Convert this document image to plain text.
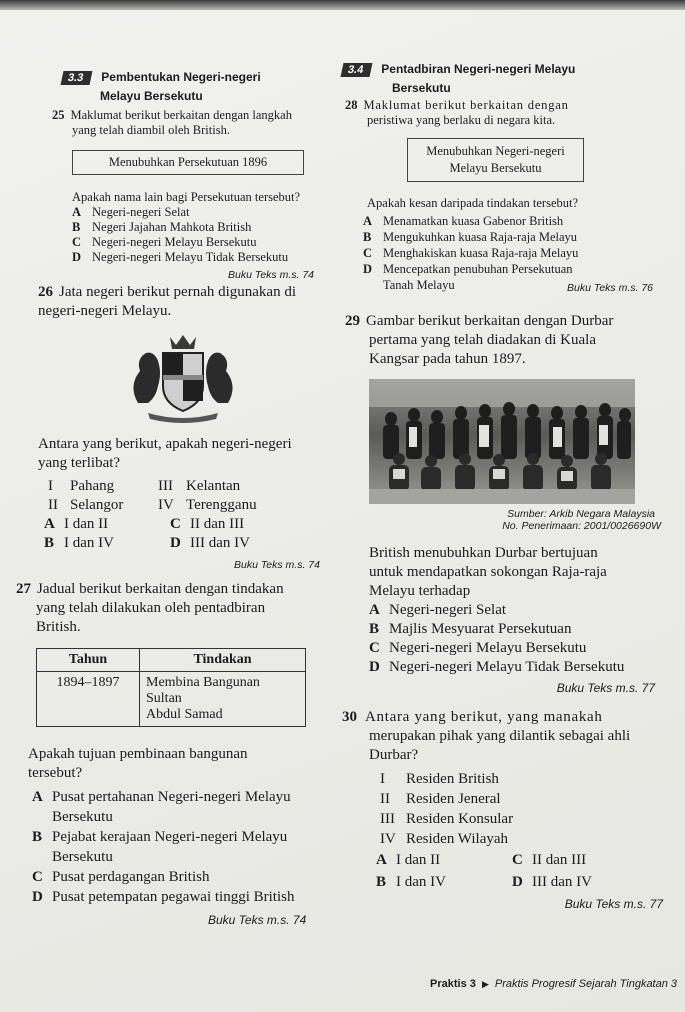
3.3 Pembentukan Negeri-negeri
Melayu Bersekutu
3.4 Pentadbiran Negeri-negeri Melayu
Bersekutu
25 Maklumat berikut berkaitan dengan langkah
yang telah diambil oleh British.
Menubuhkan Persekutuan 1896
Apakah nama lain bagi Persekutuan tersebut?
A Negeri-negeri Selat
B Negeri Jajahan Mahkota British
C Negeri-negeri Melayu Bersekutu
D Negeri-negeri Melayu Tidak Bersekutu
Buku Teks m.s. 74
26 Jata negeri berikut pernah digunakan di
negeri-negeri Melayu.
Antara yang berikut, apakah negeri-negeri
yang terlibat?
I Pahang	III Kelantan
II Selangor	IV Terengganu
A I dan II	C II dan III
B I dan IV	D III dan IV
Buku Teks m.s. 74
27 Jadual berikut berkaitan dengan tindakan
yang telah dilakukan oleh pentadbiran
British.
Tahun	Tindakan
1894–1897	Membina Bangunan Sultan
Abdul Samad
Apakah tujuan pembinaan bangunan
tersebut?
A Pusat pertahanan Negeri-negeri Melayu
Bersekutu
B Pejabat kerajaan Negeri-negeri Melayu
Bersekutu
C Pusat perdagangan British
D Pusat petempatan pegawai tinggi British
Buku Teks m.s. 74
28 Maklumat berikut berkaitan dengan
peristiwa yang berlaku di negara kita.
Menubuhkan Negeri-negeri
Melayu Bersekutu
Apakah kesan daripada tindakan tersebut?
A Menamatkan kuasa Gabenor British
B Mengukuhkan kuasa Raja-raja Melayu
C Menghakiskan kuasa Raja-raja Melayu
D Mencepatkan penubuhan Persekutuan
Tanah Melayu	Buku Teks m.s. 76
29 Gambar berikut berkaitan dengan Durbar
pertama yang telah diadakan di Kuala
Kangsar pada tahun 1897.
Sumber: Arkib Negara Malaysia
No. Penerimaan: 2001/0026690W
British menubuhkan Durbar bertujuan
untuk mendapatkan sokongan Raja-raja
Melayu terhadap
A Negeri-negeri Selat
B Majlis Mesyuarat Persekutuan
C Negeri-negeri Melayu Bersekutu
D Negeri-negeri Melayu Tidak Bersekutu
Buku Teks m.s. 77
30 Antara yang berikut, yang manakah
merupakan pihak yang dilantik sebagai ahli
Durbar?
I Residen British
II Residen Jeneral
III Residen Konsular
IV Residen Wilayah
A I dan II	C II dan III
B I dan IV	D III dan IV
Buku Teks m.s. 77
Praktis 3 ▶ Praktis Progresif Sejarah Tingkatan 3
